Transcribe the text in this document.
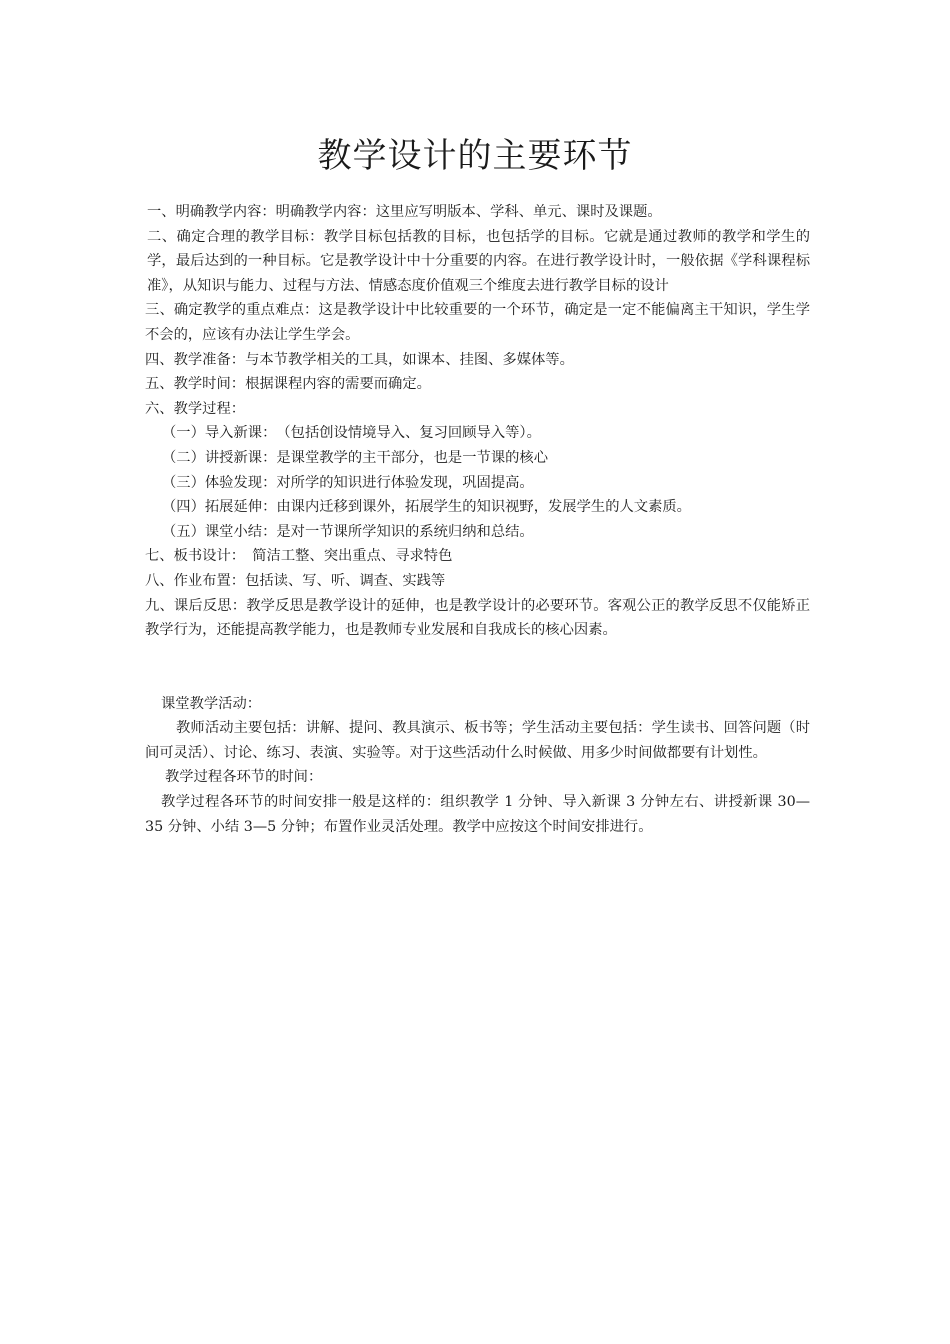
教学设计的主要环节

一、明确教学内容：明确教学内容：这里应写明版本、学科、单元、课时及课题。

二、确定合理的教学目标：教学目标包括教的目标，也包括学的目标。它就是通过教师的教学和学生的学，最后达到的一种目标。它是教学设计中十分重要的内容。在进行教学设计时，一般依据《学科课程标准》，从知识与能力、过程与方法、情感态度价值观三个维度去进行教学目标的设计

三、确定教学的重点难点：这是教学设计中比较重要的一个环节，确定是一定不能偏离主干知识，学生学不会的，应该有办法让学生学会。

四、教学准备：与本节教学相关的工具，如课本、挂图、多媒体等。

五、教学时间：根据课程内容的需要而确定。

六、教学过程：

（一）导入新课：　（包括创设情境导入、复习回顾导入等）。

（二）讲授新课：是课堂教学的主干部分，也是一节课的核心

（三）体验发现：对所学的知识进行体验发现，巩固提高。

（四）拓展延伸：由课内迁移到课外，拓展学生的知识视野，发展学生的人文素质。

（五）课堂小结：是对一节课所学知识的系统归纳和总结。

七、板书设计：　简洁工整、突出重点、寻求特色

八、作业布置：包括读、写、听、调查、实践等

九、课后反思：教学反思是教学设计的延伸，也是教学设计的必要环节。客观公正的教学反思不仅能矫正教学行为，还能提高教学能力，也是教师专业发展和自我成长的核心因素。

课堂教学活动：

教师活动主要包括：讲解、提问、教具演示、板书等；学生活动主要包括：学生读书、回答问题（时间可灵活）、讨论、练习、表演、实验等。对于这些活动什么时候做、用多少时间做都要有计划性。

教学过程各环节的时间：

教学过程各环节的时间安排一般是这样的：组织教学 1 分钟、导入新课 3 分钟左右、讲授新课 30—35 分钟、小结 3—5 分钟；布置作业灵活处理。教学中应按这个时间安排进行。
